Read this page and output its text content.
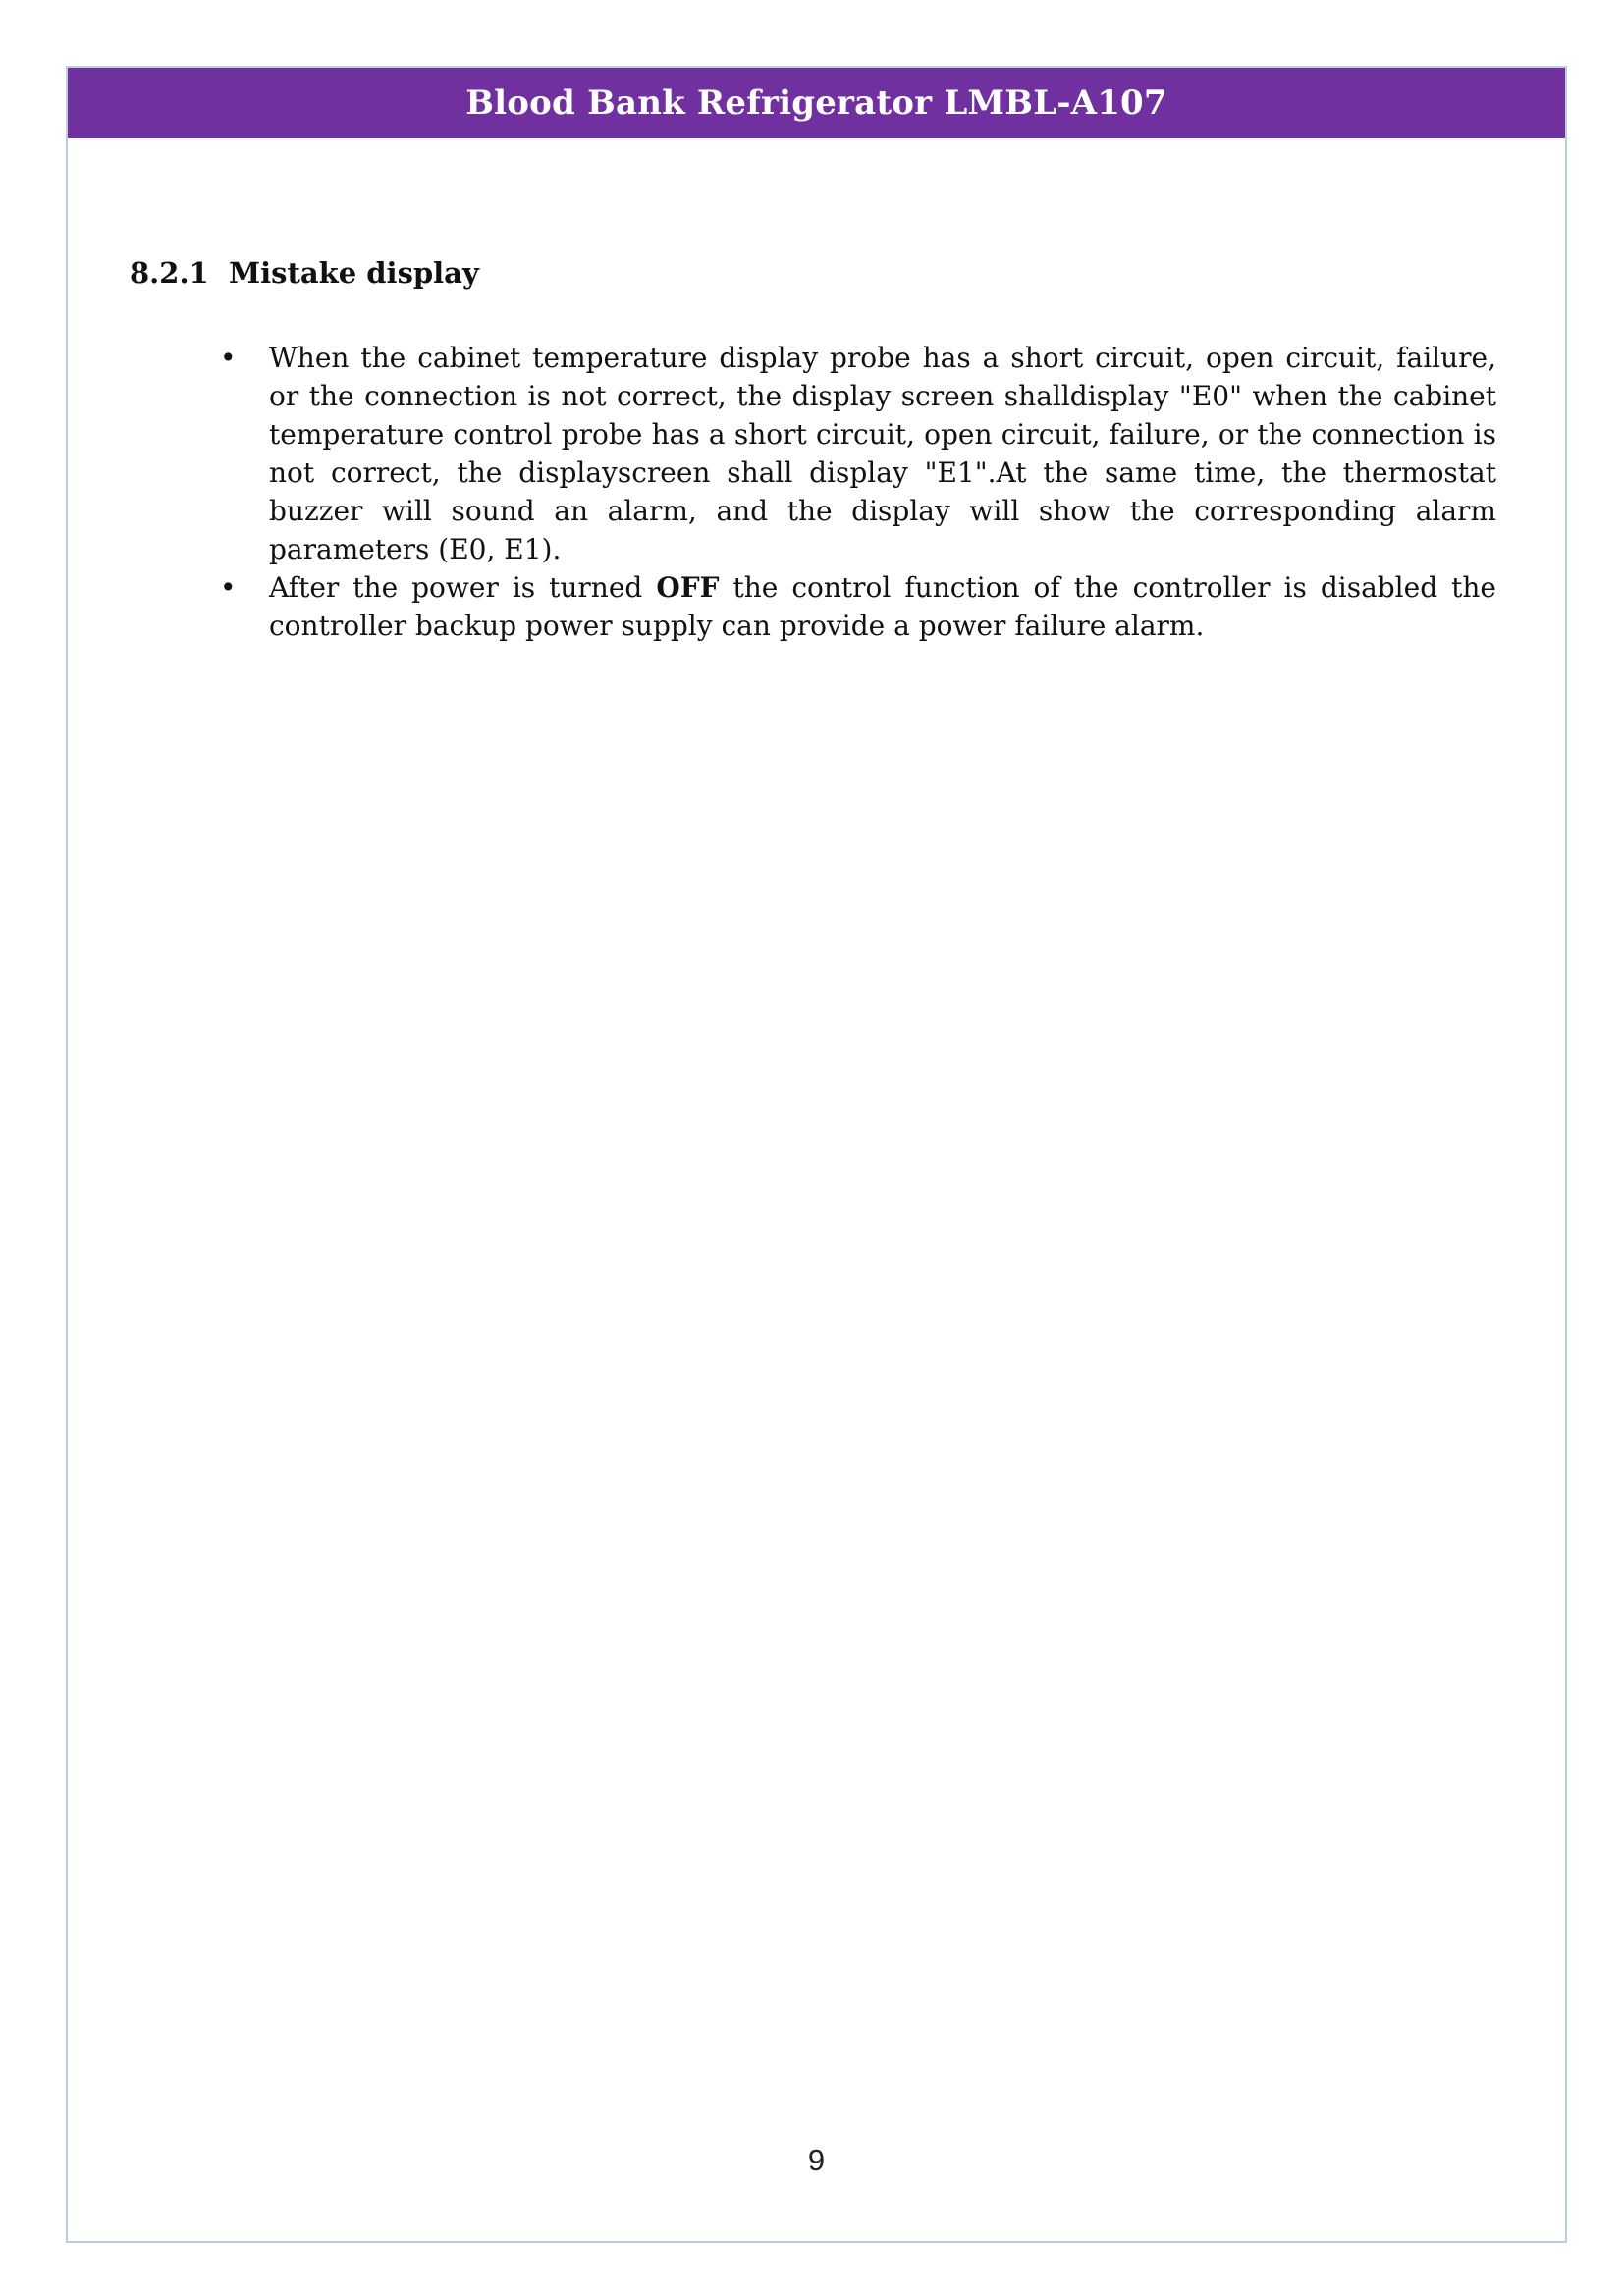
Blood Bank Refrigerator LMBL-A107
8.2.1 Mistake display
•	When the cabinet temperature display probe has a short circuit, open circuit, failure, or the connection is not correct, the display screen shalldisplay "E0" when the cabinet temperature control probe has a short circuit, open circuit, failure, or the connection is not correct, the displayscreen shall display "E1".At the same time, the thermostat buzzer will sound an alarm, and the display will show the corresponding alarm parameters (E0, E1).
•	After the power is turned OFF the control function of the controller is disabled the controller backup power supply can provide a power failure alarm.
9
